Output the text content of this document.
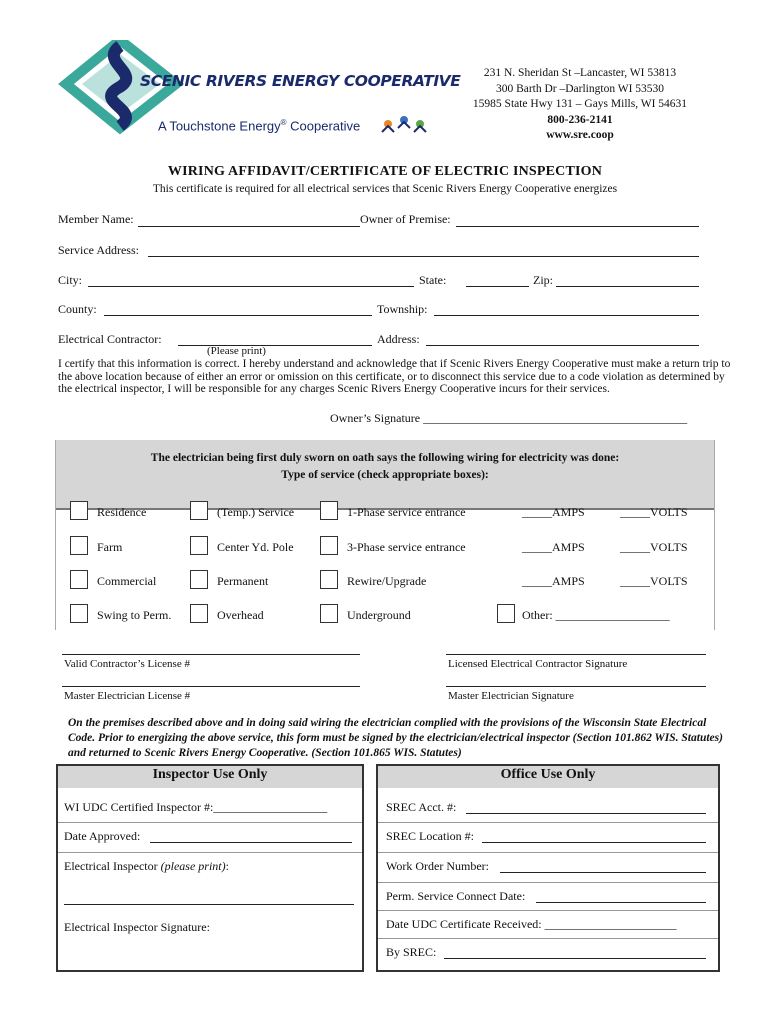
SCENIC RIVERS ENERGY COOPERATIVE
A Touchstone Energy® Cooperative
231 N. Sheridan St –Lancaster, WI 53813
300 Barth Dr –Darlington WI 53530
15985 State Hwy 131 – Gays Mills, WI 54631
800-236-2141
www.sre.coop
WIRING AFFIDAVIT/CERTIFICATE OF ELECTRIC INSPECTION
This certificate is required for all electrical services that Scenic Rivers Energy Cooperative energizes
Member Name:	Owner of Premise:
Service Address:
City:	State:	Zip:
County:	Township:
Electrical Contractor:
(Please print)
Address:
I certify that this information is correct. I hereby understand and acknowledge that if Scenic Rivers Energy Cooperative must make a return trip to the above location because of either an error or omission on this certificate, or to disconnect this service due to a code violation as determined by the electrical inspector, I will be responsible for any charges Scenic Rivers Energy Cooperative incurs for their services.
Owner’s Signature ____________________________________________
The electrician being first duly sworn on oath says the following wiring for electricity was done:
Type of service (check appropriate boxes):
Residence	(Temp.) Service	1-Phase service entrance	_____AMPS	_____VOLTS
Farm	Center Yd. Pole	3-Phase service entrance	_____AMPS	_____VOLTS
Commercial	Permanent	Rewire/Upgrade	_____AMPS	_____VOLTS
Swing to Perm.	Overhead	Underground	Other: ___________________
Valid Contractor’s License #	Licensed Electrical Contractor Signature
Master Electrician License #	Master Electrician Signature
On the premises described above and in doing said wiring the electrician complied with the provisions of the Wisconsin State Electrical Code. Prior to energizing the above service, this form must be signed by the electrician/electrical inspector (Section 101.862 WIS. Statutes) and returned to Scenic Rivers Energy Cooperative. (Section 101.865 WIS. Statutes)
Inspector Use Only
WI UDC Certified Inspector #:___________________
Date Approved:
Electrical Inspector (please print):
Electrical Inspector Signature:
Office Use Only
SREC Acct. #:
SREC Location #:
Work Order Number:
Perm. Service Connect Date:
Date UDC Certificate Received: ______________________
By SREC:
